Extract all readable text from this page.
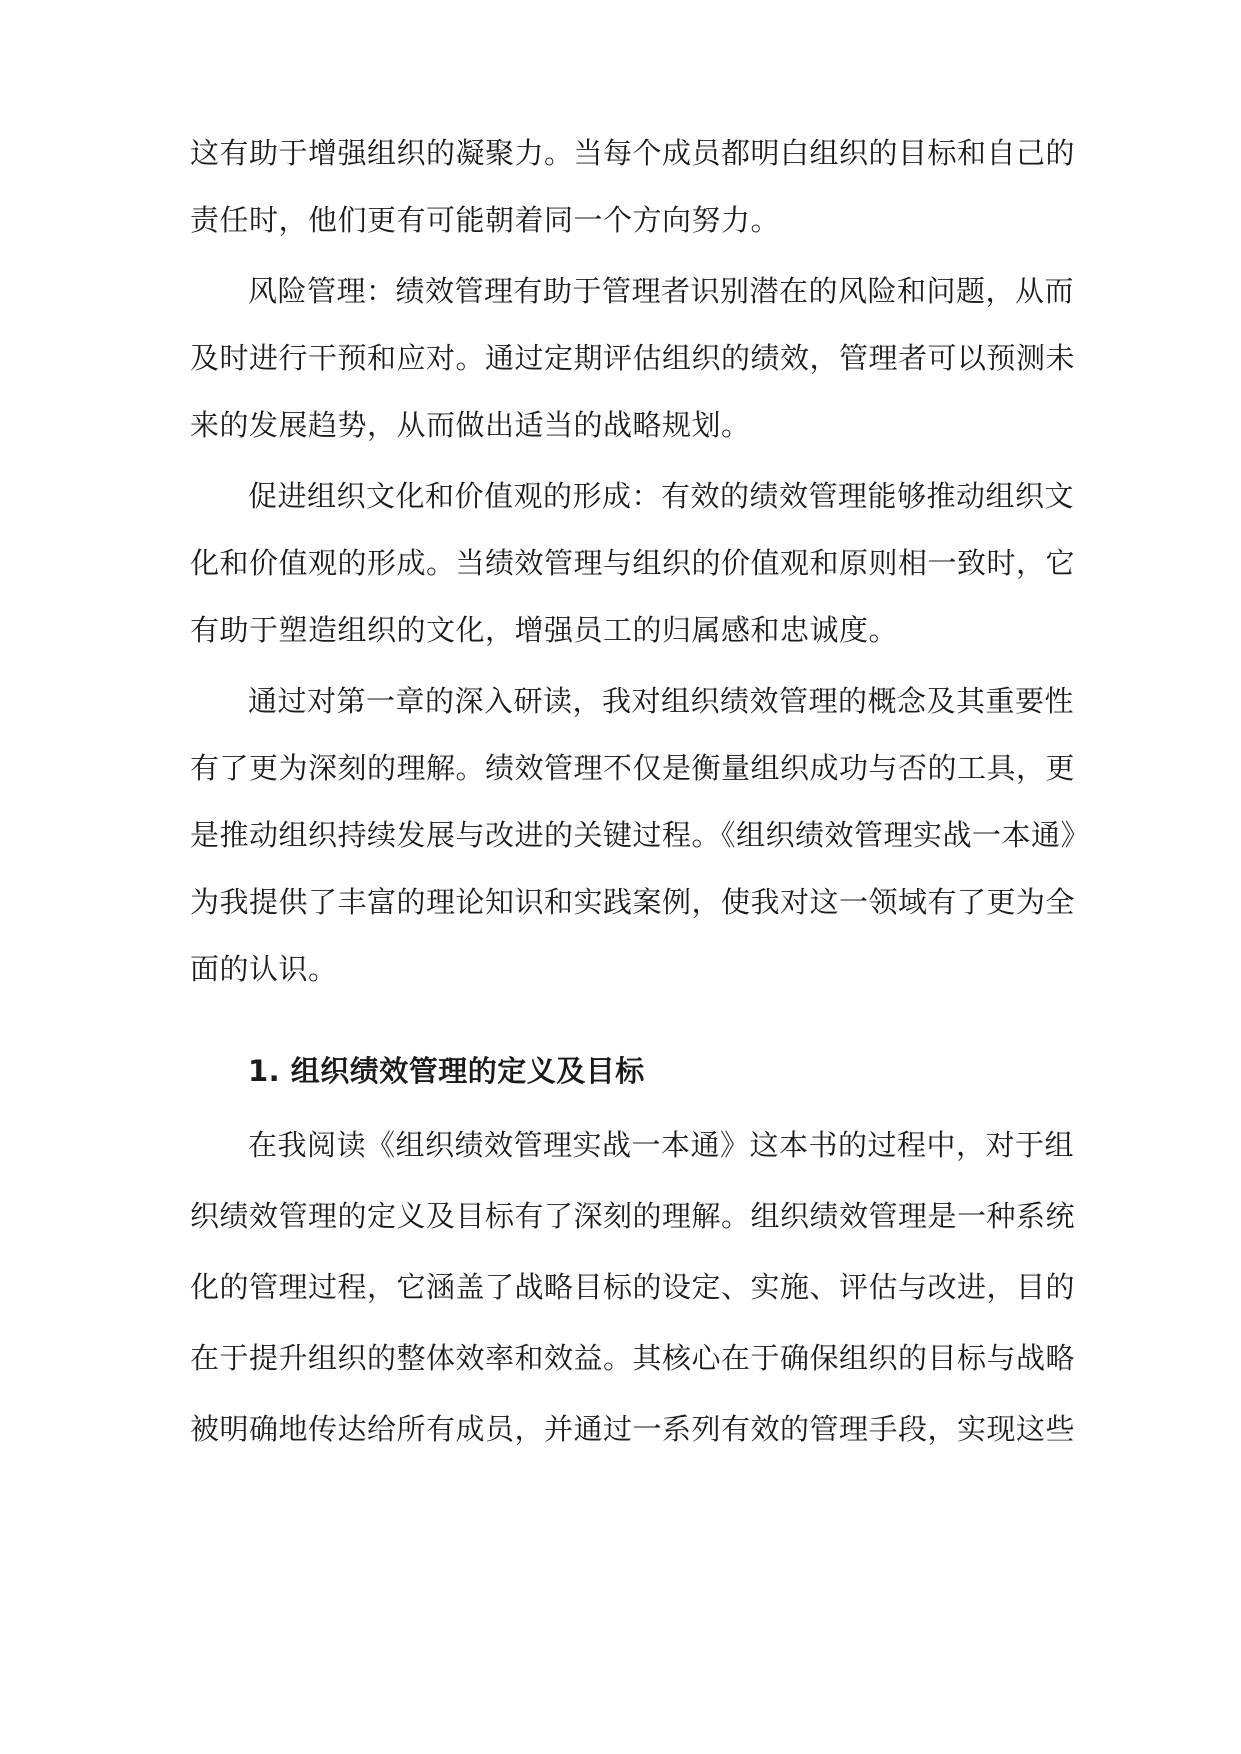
这有助于增强组织的凝聚力。当每个成员都明白组织的目标和自己的
责任时，他们更有可能朝着同一个方向努力。
风险管理：绩效管理有助于管理者识别潜在的风险和问题，从而
及时进行干预和应对。通过定期评估组织的绩效，管理者可以预测未
来的发展趋势，从而做出适当的战略规划。
促进组织文化和价值观的形成：有效的绩效管理能够推动组织文
化和价值观的形成。当绩效管理与组织的价值观和原则相一致时，它
有助于塑造组织的文化，增强员工的归属感和忠诚度。
通过对第一章的深入研读，我对组织绩效管理的概念及其重要性
有了更为深刻的理解。绩效管理不仅是衡量组织成功与否的工具，更
是推动组织持续发展与改进的关键过程。《组织绩效管理实战一本通》
为我提供了丰富的理论知识和实践案例，使我对这一领域有了更为全
面的认识。
1. 组织绩效管理的定义及目标
在我阅读《组织绩效管理实战一本通》这本书的过程中，对于组
织绩效管理的定义及目标有了深刻的理解。组织绩效管理是一种系统
化的管理过程，它涵盖了战略目标的设定、实施、评估与改进，目的
在于提升组织的整体效率和效益。其核心在于确保组织的目标与战略
被明确地传达给所有成员，并通过一系列有效的管理手段，实现这些
